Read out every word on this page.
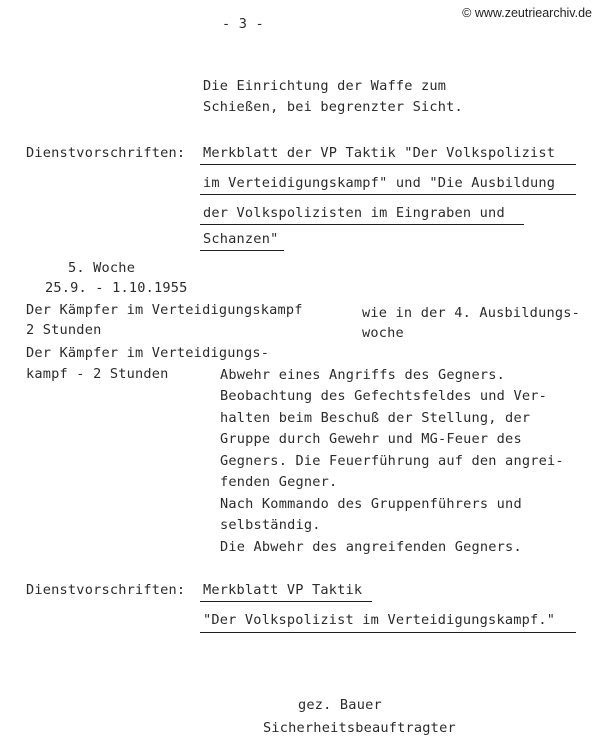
- 3 -
© www.zeutriearchiv.de
Die Einrichtung der Waffe zum
Schießen, bei begrenzter Sicht.
Dienstvorschriften: Merkblatt der VP Taktik "Der Volkspolizist
im Verteidigungskampf" und "Die Ausbildung
der Volkspolizisten im Eingraben und
Schanzen"
5. Woche
25.9. - 1.10.1955
Der Kämpfer im Verteidigungskampf
2 Stunden
wie in der 4. Ausbildungs-
woche
Der Kämpfer im Verteidigungs-
kampf - 2 Stunden	Abwehr eines Angriffs des Gegners.
Beobachtung des Gefechtsfeldes und Ver-
halten beim Beschuß der Stellung, der
Gruppe durch Gewehr und MG-Feuer des
Gegners. Die Feuerführung auf den angrei-
fenden Gegner.
Nach Kommando des Gruppenführers und
selbständig.
Die Abwehr des angreifenden Gegners.
Dienstvorschriften: Merkblatt VP Taktik
"Der Volkspolizist im Verteidigungskampf."
gez. Bauer
Sicherheitsbeauftragter
